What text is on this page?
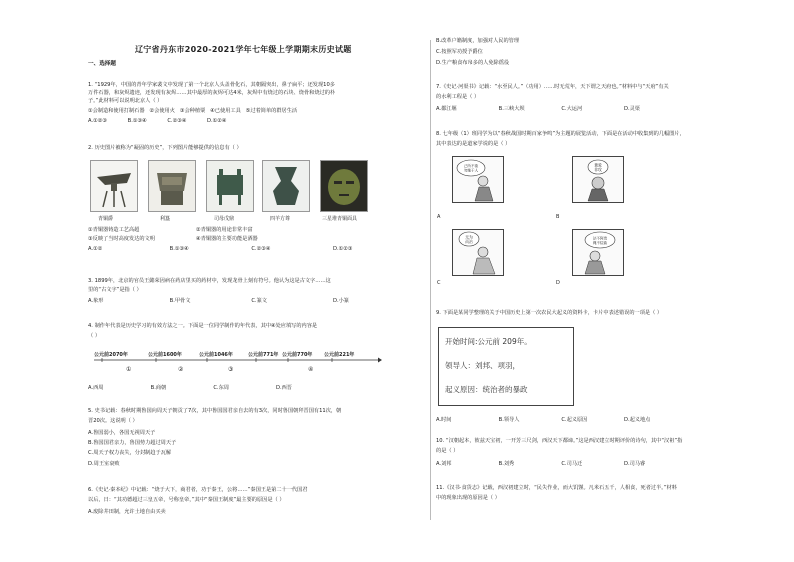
辽宁省丹东市2020-2021学年七年级上学期期末历史试题
一、选择题
1. “1929年，中国的青年学家裴文中发现了第一个北京人头盖骨化石，其朝隔突出，鼻子扁平；还发现10多
万件石器，和灰烬遗迹，还发现有灰烬……其中最厚的灰烬可达4米，灰烬中有烧过的石块、烧骨和烧过的朴
子。”此材料可以说明北京人（ ）
①会制造和使用打制石器 ②会使用火 ③会种植粟 ④已使用工具 ⑤过着简单的群居生活
A.①②③	B.①③④	C.②③④	D.①②④
2. 历史图片被称为“凝固的历史”，下列图片能够提供的信息有（ ）
青铜爵	利簋	司母戊鼎	四羊方尊	三星堆青铜面具
①青铜器铸造工艺高超	②青铜器的用途非常丰富
③反映了当时高度发达的文明	④青铜器的主要功能是酒器
A.①②	B.①③④	C.②③④	D.①②③
3. 1899年，北京的官员王懿荣因病在药店里买的药材中，发现龙骨上刻有符号。他认为这是古文字……这
里的“古文字”是指（ ）
A.象形	B.甲骨文	C.篆文	D.小篆
4. 制作年代表是历史学习的有效方法之一。下面是一位同学制作的年代表，其中④处应填写的内容是
（ ）
公元前2070年	公元前1600年	公元前1046年	公元前771年 公元前770年 公元前221年
①	②	③	④
A.西周	B.商朝	C.东周	D.西晋
5. 史书记载：春秋时期鲁国向周天子朝贡了7次，其中鲁国国君亲自去的有3次，同时鲁国朝拜晋国有11次，朝
晋20次。这说明（ ）
A.鲁国弱小，各国无视周天子
B.鲁国国君亲力，鲁国势力超过周天子
C.周天子权力丧失，分封制趋于瓦解
D.周王室衰败
6.《史记·秦本纪》中记载：“烧于大下，商君者，功于秦王，公将……”秦国王是第二十一代国君
以后，日：“其功德超过三皇五帝，号称皇帝，”其中“秦国王制度”最主要的原因是（ ）
A.废除井田制，允许土地自由买卖
B.改革户籍制度，加强对人民的管理
C.按照军功授予爵位
D.生产粮食布帛多的人免除徭役
7.《史记·河渠书》记载：“水至民人。”（功用）……时无荒年，天下谓之天府也。”材料中与“天府”有关
的水利工程是（ ）
A.都江堰	B.三峡大坝	C.大运河	D.灵渠
8. 七年级（1）班同学为以“春秋战国时期百家争鸣”为主题的展览活动，下面是在活动中收集到的几幅图片，
其中表达的是道家学说的是（ ）
己所不欲
勿施于人
A
兼爱
非攻
B
无为
而治
C
法不阿贵
绳不挠曲
D
9. 下面是某同学整理的关于中国历史上第一次农民大起义的资料卡，卡片中表述错误的一项是（ ）
开始时间:公元前 209年。
领导人：刘邦、项羽，
起义原因：统治者的暴政
A.时间	B.领导人	C.起义原因	D.起义地点
10. “汉朝起本，彼兹天宝初，一开芳三尺剑，西汉天下都谛。”这是西汉建立时期评价的诗句，其中“汉祖”指
的是（ ）
A.刘邦	B.刘秀	C.司马迁	D.司马睿
11.《汉书·食货志》记载，西汉初建立时，“民失作业，而大饥馑。凡米石五千，人相食，死者过半。”材料
中的现象出现的原因是（ ）
